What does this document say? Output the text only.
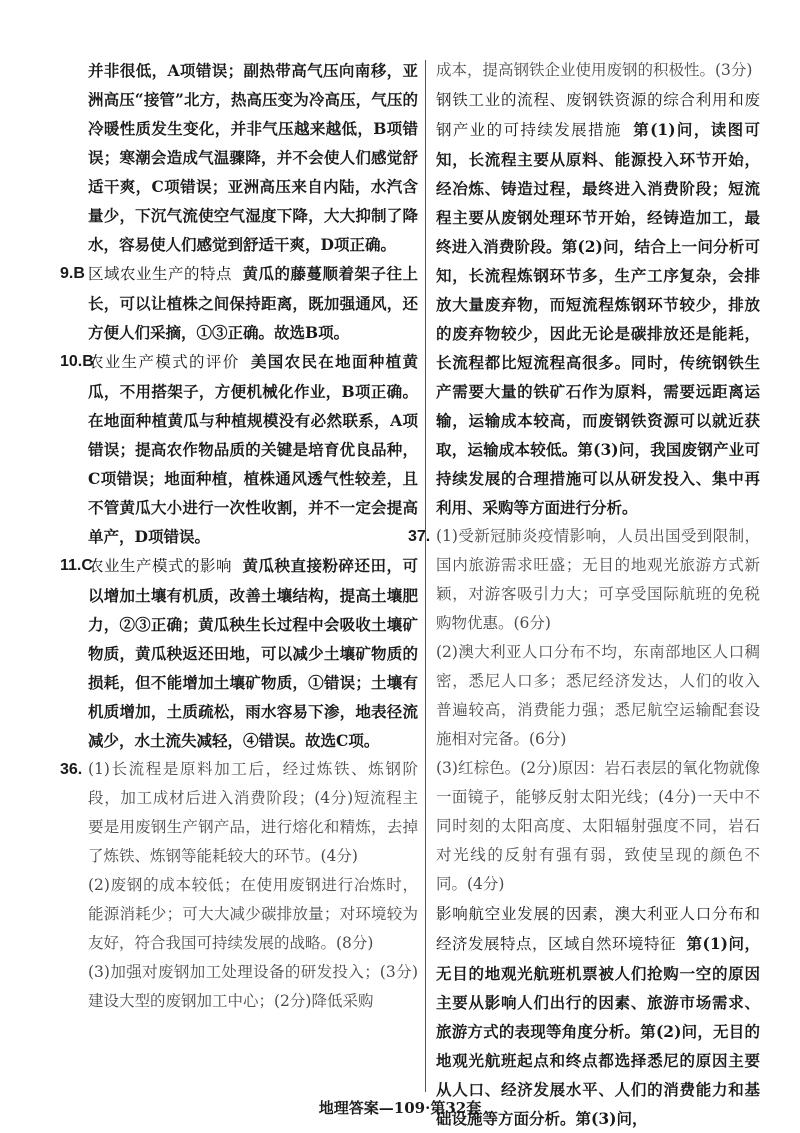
并非很低，A项错误；副热带高气压向南移，亚洲高压“接管”北方，热高压变为冷高压，气压的冷暖性质发生变化，并非气压越来越低，B项错误；寒潮会造成气温骤降，并不会使人们感觉舒适干爽，C项错误；亚洲高压来自内陆，水汽含量少，下沉气流使空气湿度下降，大大抑制了降水，容易使人们感觉到舒适干爽，D项正确。

9.B 区域农业生产的特点 黄瓜的藤蔓顺着架子往上长，可以让植株之间保持距离，既加强通风，还方便人们采摘，①③正确。故选B项。

10.B

农业生产模式的评价 美国农民在地面种植黄瓜，不用搭架子，方便机械化作业，B项正确。在地面种植黄瓜与种植规模没有必然联系，A项错误；提高农作物品质的关键是培育优良品种，C项错误；地面种植，植株通风透气性较差，且不管黄瓜大小进行一次性收割，并不一定会提高单产，D项错误。

11.C

农业生产模式的影响 黄瓜秧直接粉碎还田，可以增加土壤有机质，改善土壤结构，提高土壤肥力，②③正确；黄瓜秧生长过程中会吸收土壤矿物质，黄瓜秧返还田地，可以减少土壤矿物质的损耗，但不能增加土壤矿物质，①错误；土壤有机质增加，土质疏松，雨水容易下渗，地表径流减少，水土流失减轻，④错误。故选C项。

36. (1)长流程是原料加工后，经过炼铁、炼钢阶段，加工成材后进入消费阶段；(4分)短流程主要是用废钢生产钢产品，进行熔化和精炼，去掉了炼铁、炼钢等能耗较大的环节。(4分)

(2)废钢的成本较低；在使用废钢进行冶炼时，能源消耗少；可大大减少碳排放量；对环境较为友好，符合我国可持续发展的战略。(8分)

(3)加强对废钢加工处理设备的研发投入；(3分)建设大型的废钢加工中心；(2分)降低采购

成本，提高钢铁企业使用废钢的积极性。(3分)

钢铁工业的流程、废钢铁资源的综合利用和废钢产业的可持续发展措施 第(1)问，读图可知，长流程主要从原料、能源投入环节开始，经冶炼、铸造过程，最终进入消费阶段；短流程主要从废钢处理环节开始，经铸造加工，最终进入消费阶段。第(2)问，结合上一问分析可知，长流程炼钢环节多，生产工序复杂，会排放大量废弃物，而短流程炼钢环节较少，排放的废弃物较少，因此无论是碳排放还是能耗，长流程都比短流程高很多。同时，传统钢铁生产需要大量的铁矿石作为原料，需要远距离运输，运输成本较高，而废钢铁资源可以就近获取，运输成本较低。第(3)问，我国废钢产业可持续发展的合理措施可以从研发投入、集中再利用、采购等方面进行分析。

37. (1)受新冠肺炎疫情影响，人员出国受到限制，国内旅游需求旺盛；无目的地观光旅游方式新颖，对游客吸引力大；可享受国际航班的免税购物优惠。(6分)

(2)澳大利亚人口分布不均，东南部地区人口稠密，悉尼人口多；悉尼经济发达，人们的收入普遍较高，消费能力强；悉尼航空运输配套设施相对完备。(6分)

(3)红棕色。(2分)原因：岩石表层的氧化物就像一面镜子，能够反射太阳光线；(4分)一天中不同时刻的太阳高度、太阳辐射强度不同，岩石对光线的反射有强有弱，致使呈现的颜色不同。(4分)

影响航空业发展的因素，澳大利亚人口分布和经济发展特点，区域自然环境特征 第(1)问，无目的地观光航班机票被人们抢购一空的原因主要从影响人们出行的因素、旅游市场需求、旅游方式的表现等角度分析。第(2)问，无目的地观光航班起点和终点都选择悉尼的原因主要从人口、经济发展水平、人们的消费能力和基础设施等方面分析。第(3)问，

地理答案—109·第32套
